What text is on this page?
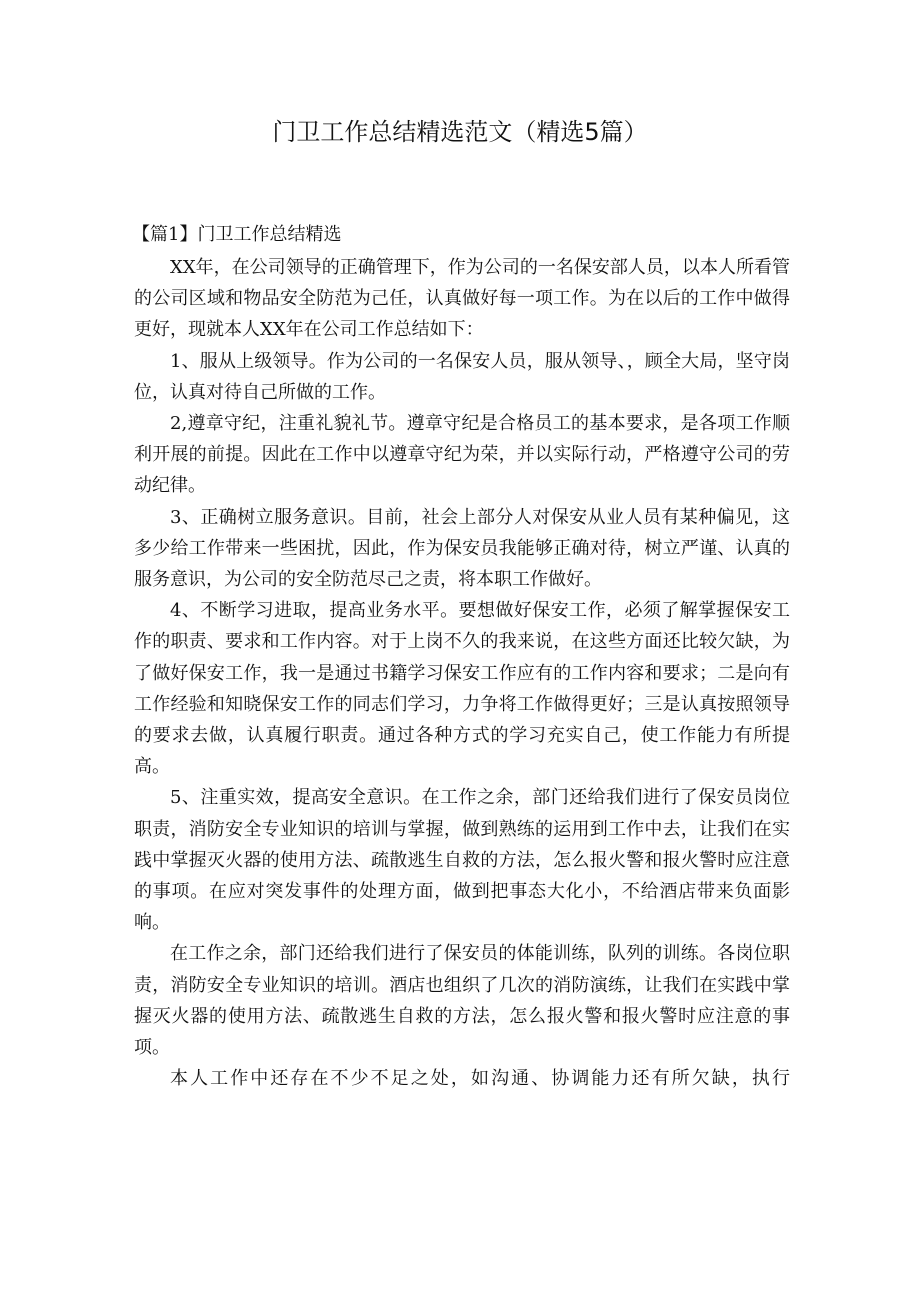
门卫工作总结精选范文（精选5篇）
【篇1】门卫工作总结精选

XX年，在公司领导的正确管理下，作为公司的一名保安部人员，以本人所看管的公司区域和物品安全防范为己任，认真做好每一项工作。为在以后的工作中做得更好，现就本人XX年在公司工作总结如下：

1、服从上级领导。作为公司的一名保安人员，服从领导、，顾全大局，坚守岗位，认真对待自己所做的工作。

2,遵章守纪，注重礼貌礼节。遵章守纪是合格员工的基本要求，是各项工作顺利开展的前提。因此在工作中以遵章守纪为荣，并以实际行动，严格遵守公司的劳动纪律。

3、正确树立服务意识。目前，社会上部分人对保安从业人员有某种偏见，这多少给工作带来一些困扰，因此，作为保安员我能够正确对待，树立严谨、认真的服务意识，为公司的安全防范尽己之责，将本职工作做好。

4、不断学习进取，提高业务水平。要想做好保安工作，必须了解掌握保安工作的职责、要求和工作内容。对于上岗不久的我来说，在这些方面还比较欠缺，为了做好保安工作，我一是通过书籍学习保安工作应有的工作内容和要求；二是向有工作经验和知晓保安工作的同志们学习，力争将工作做得更好；三是认真按照领导的要求去做，认真履行职责。通过各种方式的学习充实自己，使工作能力有所提高。

5、注重实效，提高安全意识。在工作之余，部门还给我们进行了保安员岗位职责，消防安全专业知识的培训与掌握，做到熟练的运用到工作中去，让我们在实践中掌握灭火器的使用方法、疏散逃生自救的方法，怎么报火警和报火警时应注意的事项。在应对突发事件的处理方面，做到把事态大化小，不给酒店带来负面影响。

在工作之余，部门还给我们进行了保安员的体能训练，队列的训练。各岗位职责，消防安全专业知识的培训。酒店也组织了几次的消防演练，让我们在实践中掌握灭火器的使用方法、疏散逃生自救的方法，怎么报火警和报火警时应注意的事项。

本人工作中还存在不少不足之处，如沟通、协调能力还有所欠缺，执行
